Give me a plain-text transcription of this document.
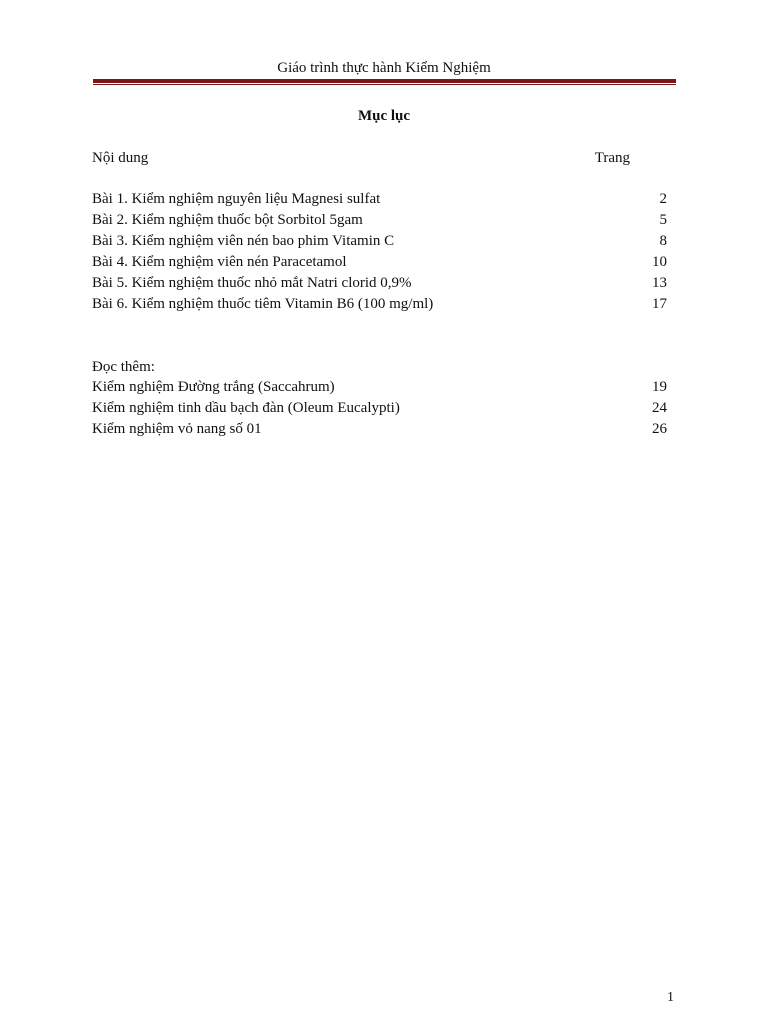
Giáo trình thực hành Kiểm Nghiệm
Mục lục
Nội dung	Trang
Bài 1. Kiểm nghiệm nguyên liệu Magnesi sulfat	2
Bài 2. Kiểm nghiệm thuốc bột Sorbitol 5gam	5
Bài 3. Kiểm nghiệm viên nén bao phim Vitamin C	8
Bài 4. Kiểm nghiệm viên nén Paracetamol	10
Bài 5. Kiểm nghiệm thuốc nhỏ mắt Natri clorid 0,9%	13
Bài 6. Kiểm nghiệm thuốc tiêm Vitamin B6 (100 mg/ml)	17
Đọc thêm:
Kiểm nghiệm Đường trắng (Saccahrum)	19
Kiểm nghiệm tinh dầu bạch đàn (Oleum Eucalypti)	24
Kiểm nghiệm vỏ nang số 01	26
1
